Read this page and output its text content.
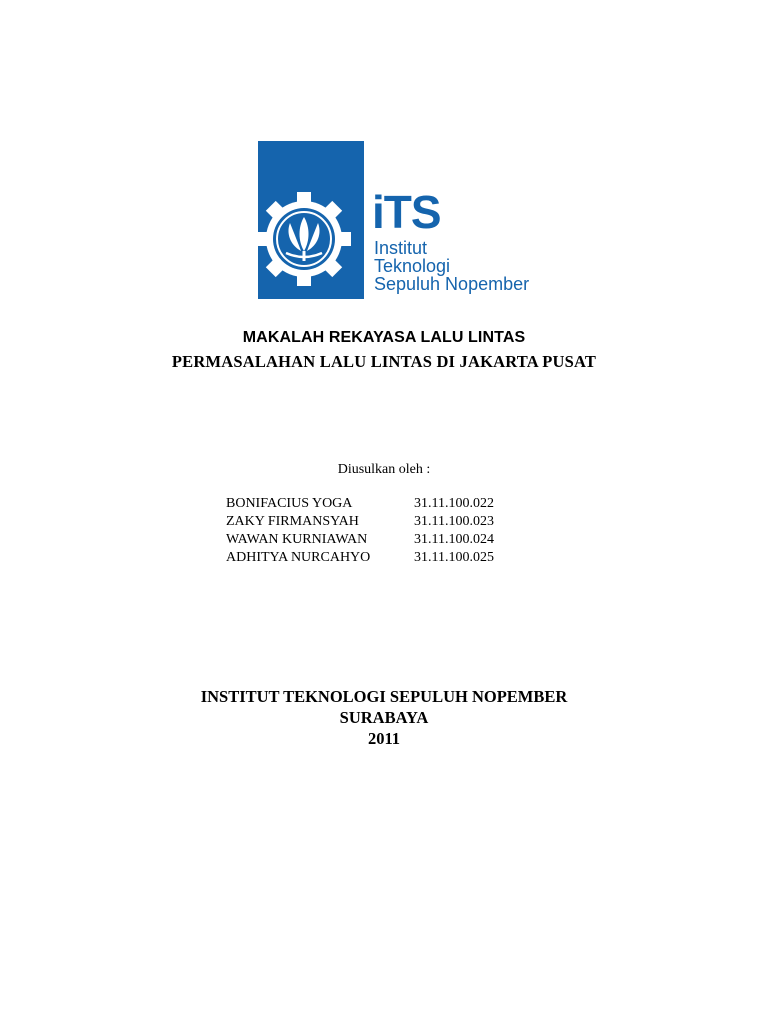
iTS
Institut
Teknologi
Sepuluh Nopember
MAKALAH REKAYASA LALU LINTAS
PERMASALAHAN LALU LINTAS DI JAKARTA PUSAT
Diusulkan oleh :
BONIFACIUS YOGA	31.11.100.022
ZAKY FIRMANSYAH	31.11.100.023
WAWAN KURNIAWAN	31.11.100.024
ADHITYA NURCAHYO	31.11.100.025
INSTITUT TEKNOLOGI SEPULUH NOPEMBER
SURABAYA
2011
